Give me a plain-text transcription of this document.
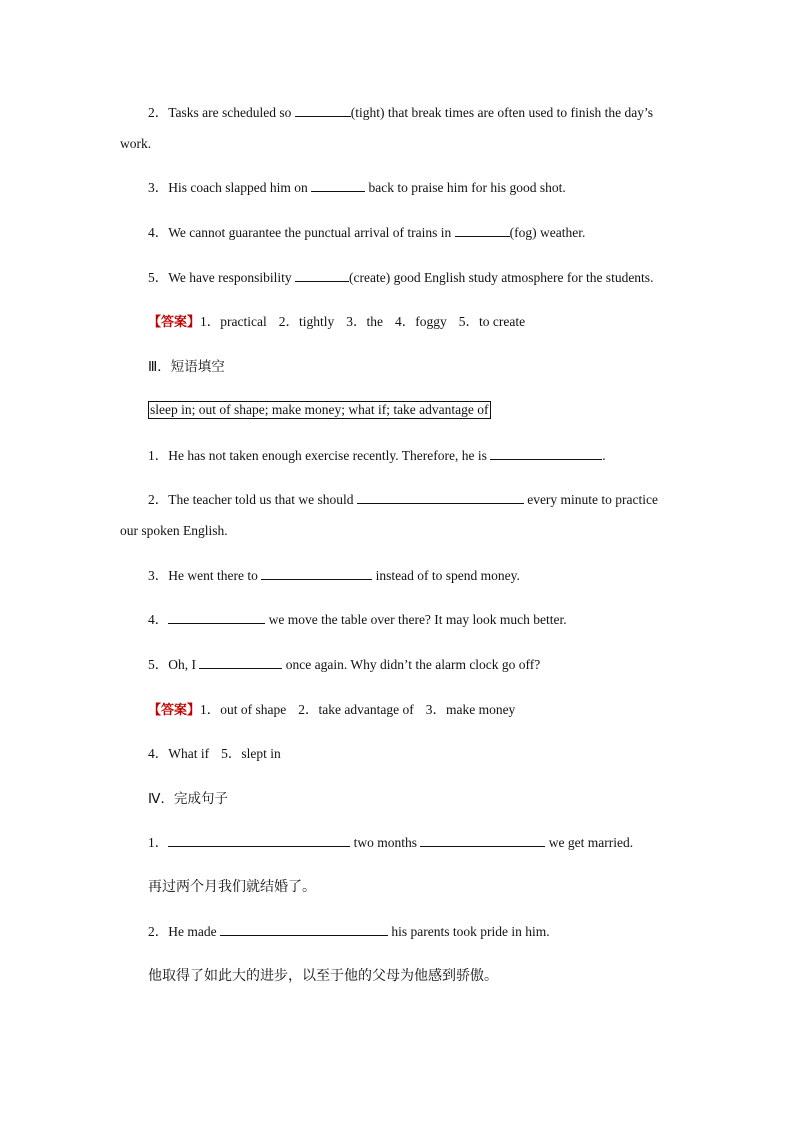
2．Tasks are scheduled so	(tight) that break times are often used to finish the day’s
work.
3．His coach slapped him on	back to praise him for his good shot.
4．We cannot guarantee the punctual arrival of trains in	(fog) weather.
5．We have responsibility	(create) good English study atmosphere for the students.
【答案】1．practical 2．tightly 3．the 4．foggy 5．to create
Ⅲ．短语填空
sleep in; out of shape; make money; what if; take advantage of
1．He has not taken enough exercise recently. Therefore, he is	.
2．The teacher told us that we should	every minute to practice
our spoken English.
3．He went there to	instead of to spend money.
4．	we move the table over there? It may look much better.
5．Oh, I	once again. Why didn’t the alarm clock go off?
【答案】1．out of shape 2．take advantage of 3．make money
4．What if 5．slept in
Ⅳ．完成句子
1．	two months	we get married.
再过两个月我们就结婚了。
2．He made	his parents took pride in him.
他取得了如此大的进步，以至于他的父母为他感到骄傲。
